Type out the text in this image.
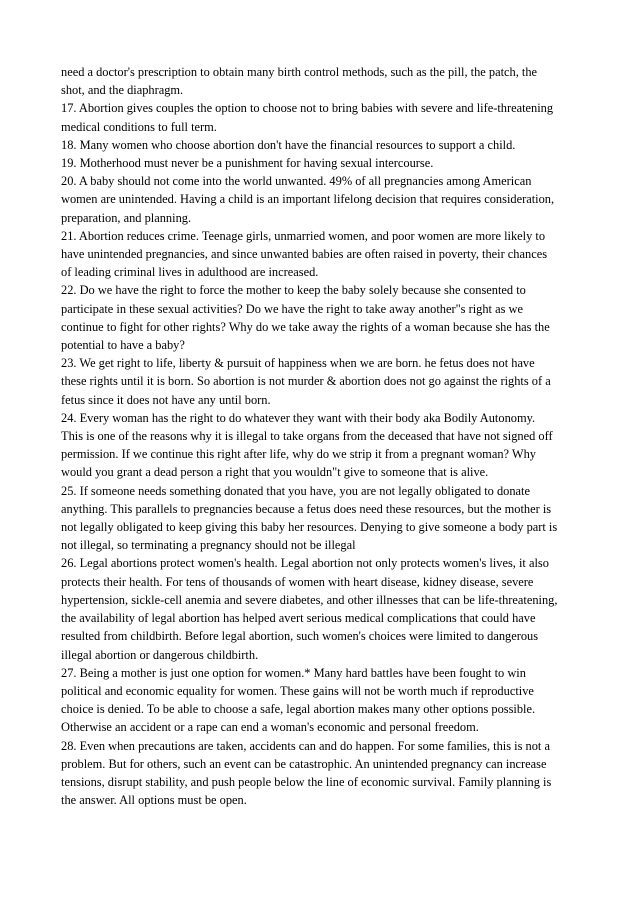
need a doctor's prescription to obtain many birth control methods, such as the pill, the patch, the
shot, and the diaphragm.

17. Abortion gives couples the option to choose not to bring babies with severe and life-threatening
medical conditions to full term.

18. Many women who choose abortion don't have the financial resources to support a child.

19. Motherhood must never be a punishment for having sexual intercourse.

20. A baby should not come into the world unwanted. 49% of all pregnancies among American
women are unintended. Having a child is an important lifelong decision that requires consideration,
preparation, and planning.

21. Abortion reduces crime. Teenage girls, unmarried women, and poor women are more likely to
have unintended pregnancies, and since unwanted babies are often raised in poverty, their chances
of leading criminal lives in adulthood are increased.

22. Do we have the right to force the mother to keep the baby solely because she consented to
participate in these sexual activities? Do we have the right to take away another"s right as we
continue to fight for other rights? Why do we take away the rights of a woman because she has the
potential to have a baby?

23. We get right to life, liberty & pursuit of happiness when we are born. he fetus does not have
these rights until it is born. So abortion is not murder & abortion does not go against the rights of a
fetus since it does not have any until born.

24. Every woman has the right to do whatever they want with their body aka Bodily Autonomy.
This is one of the reasons why it is illegal to take organs from the deceased that have not signed off
permission. If we continue this right after life, why do we strip it from a pregnant woman? Why
would you grant a dead person a right that you wouldn"t give to someone that is alive.

25. If someone needs something donated that you have, you are not legally obligated to donate
anything. This parallels to pregnancies because a fetus does need these resources, but the mother is
not legally obligated to keep giving this baby her resources. Denying to give someone a body part is
not illegal, so terminating a pregnancy should not be illegal

26. Legal abortions protect women's health. Legal abortion not only protects women's lives, it also
protects their health. For tens of thousands of women with heart disease, kidney disease, severe
hypertension, sickle-cell anemia and severe diabetes, and other illnesses that can be life-threatening,
the availability of legal abortion has helped avert serious medical complications that could have
resulted from childbirth. Before legal abortion, such women's choices were limited to dangerous
illegal abortion or dangerous childbirth.

27. Being a mother is just one option for women.* Many hard battles have been fought to win
political and economic equality for women. These gains will not be worth much if reproductive
choice is denied. To be able to choose a safe, legal abortion makes many other options possible.
Otherwise an accident or a rape can end a woman's economic and personal freedom.

28. Even when precautions are taken, accidents can and do happen. For some families, this is not a
problem. But for others, such an event can be catastrophic. An unintended pregnancy can increase
tensions, disrupt stability, and push people below the line of economic survival. Family planning is
the answer. All options must be open.
